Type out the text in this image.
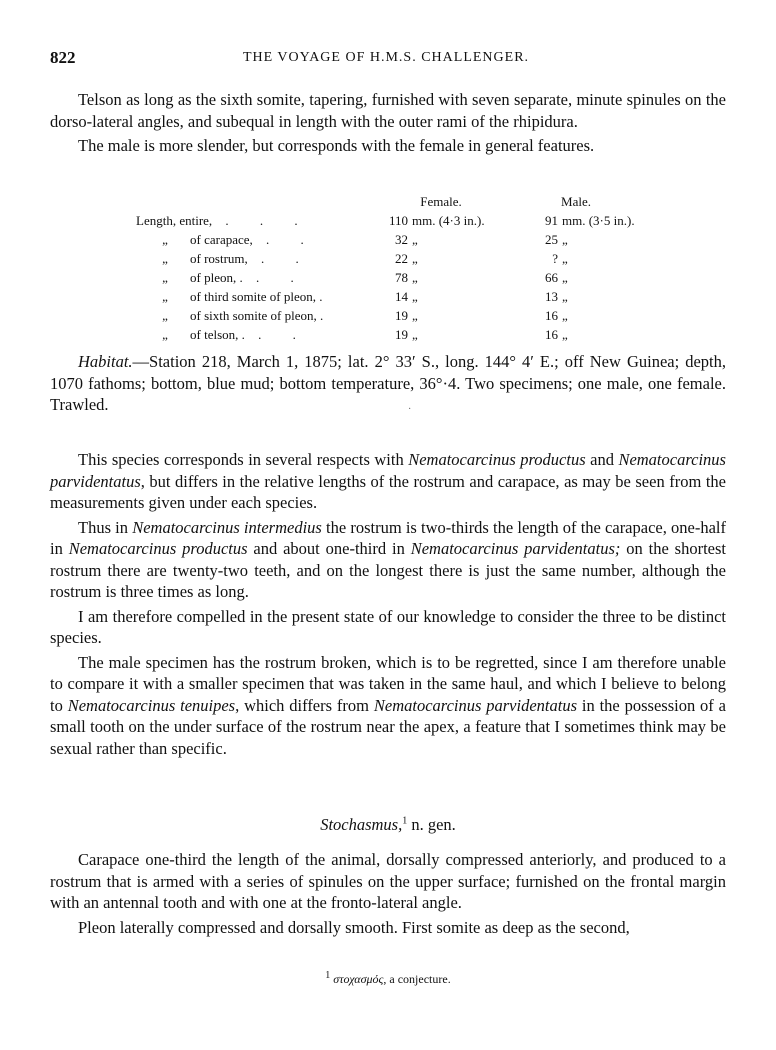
822	THE VOYAGE OF H.M.S. CHALLENGER.

Telson as long as the sixth somite, tapering, furnished with seven separate, minute spinules on the dorso-lateral angles, and subequal in length with the outer rami of the rhipidura.

The male is more slender, but corresponds with the female in general features.

	Female.	Male.
Length, entire, . . .	110 mm. (4·3 in.).	91 mm. (3·5 in.).
„ of carapace, . .	32 „	25 „
„ of rostrum, . .	22 „	? „
„ of pleon, . . .	78 „	66 „
„ of third somite of pleon, .	14 „	13 „
„ of sixth somite of pleon, .	19 „	16 „
„ of telson, . . .	19 „	16 „

Habitat.—Station 218, March 1, 1875; lat. 2° 33′ S., long. 144° 4′ E.; off New Guinea; depth, 1070 fathoms; bottom, blue mud; bottom temperature, 36°·4. Two specimens; one male, one female. Trawled.	·

This species corresponds in several respects with Nematocarcinus productus and Nematocarcinus parvidentatus, but differs in the relative lengths of the rostrum and carapace, as may be seen from the measurements given under each species.

Thus in Nematocarcinus intermedius the rostrum is two-thirds the length of the carapace, one-half in Nematocarcinus productus and about one-third in Nematocarcinus parvidentatus; on the shortest rostrum there are twenty-two teeth, and on the longest there is just the same number, although the rostrum is three times as long.

I am therefore compelled in the present state of our knowledge to consider the three to be distinct species.

The male specimen has the rostrum broken, which is to be regretted, since I am therefore unable to compare it with a smaller specimen that was taken in the same haul, and which I believe to belong to Nematocarcinus tenuipes, which differs from Nematocarcinus parvidentatus in the possession of a small tooth on the under surface of the rostrum near the apex, a feature that I sometimes think may be sexual rather than specific.

Stochasmus,$^1$ n. gen.

Carapace one-third the length of the animal, dorsally compressed anteriorly, and produced to a rostrum that is armed with a series of spinules on the upper surface; furnished on the frontal margin with an antennal tooth and with one at the fronto-lateral angle.

Pleon laterally compressed and dorsally smooth. First somite as deep as the second,

$^1$ στοχασμός, a conjecture.
